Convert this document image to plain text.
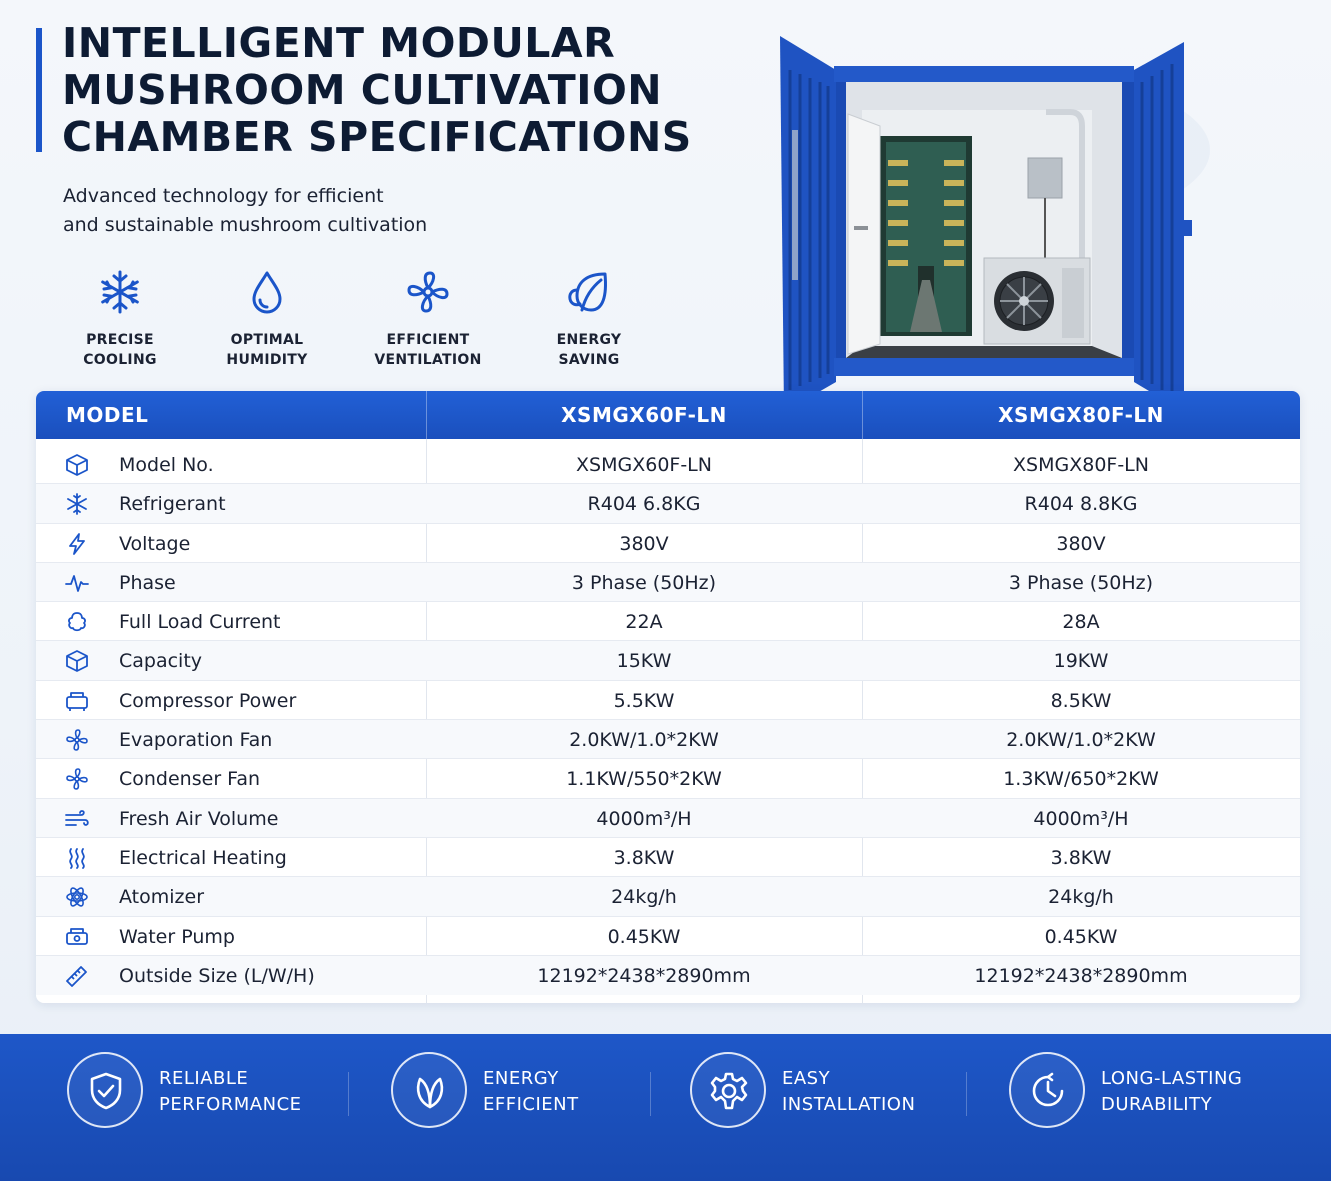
INTELLIGENT MODULAR
MUSHROOM CULTIVATION
CHAMBER SPECIFICATIONS

Advanced technology for efficient
and sustainable mushroom cultivation

PRECISE
COOLING
OPTIMAL
HUMIDITY
EFFICIENT
VENTILATION
ENERGY
SAVING
MODEL	XSMGX60F-LN	XSMGX80F-LN
Model No.	XSMGX60F-LN	XSMGX80F-LN
Refrigerant	R404 6.8KG	R404 8.8KG
Voltage	380V	380V
Phase	3 Phase (50Hz)	3 Phase (50Hz)
Full Load Current	22A	28A
Capacity	15KW	19KW
Compressor Power	5.5KW	8.5KW
Evaporation Fan	2.0KW/1.0*2KW	2.0KW/1.0*2KW
Condenser Fan	1.1KW/550*2KW	1.3KW/650*2KW
Fresh Air Volume	4000m³/H	4000m³/H
Electrical Heating	3.8KW	3.8KW
Atomizer	24kg/h	24kg/h
Water Pump	0.45KW	0.45KW
Outside Size (L/W/H)	12192*2438*2890mm	12192*2438*2890mm
RELIABLE
PERFORMANCE
ENERGY
EFFICIENT
EASY
INSTALLATION
LONG-LASTING
DURABILITY
